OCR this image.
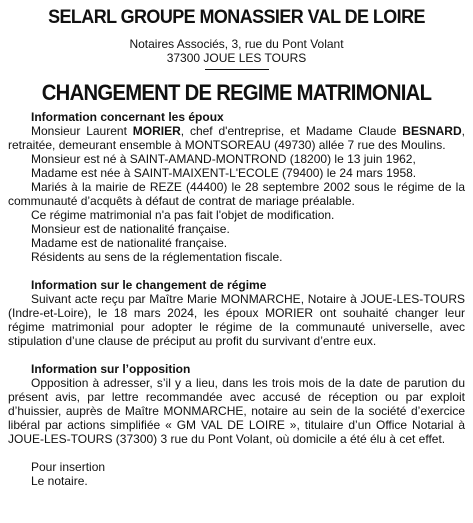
SELARL GROUPE MONASSIER VAL DE LOIRE
Notaires Associés, 3, rue du Pont Volant
37300 JOUE LES TOURS
CHANGEMENT DE REGIME MATRIMONIAL
Information concernant les époux

Monsieur Laurent MORIER, chef d'entreprise, et Madame Claude BESNARD, retraitée, demeurant ensemble à MONTSOREAU (49730) allée 7 rue des Moulins.

Monsieur est né à SAINT-AMAND-MONTROND (18200) le 13 juin 1962,
Madame est née à SAINT-MAIXENT-L'ECOLE (79400) le 24 mars 1958.

Mariés à la mairie de REZE (44400) le 28 septembre 2002 sous le régime de la communauté d’acquêts à défaut de contrat de mariage préalable.

Ce régime matrimonial n'a pas fait l'objet de modification.
Monsieur est de nationalité française.
Madame est de nationalité française.
Résidents au sens de la réglementation fiscale.
Information sur le changement de régime

Suivant acte reçu par Maître Marie MONMARCHE, Notaire à JOUE-LES-TOURS (Indre-et-Loire), le 18 mars 2024, les époux MORIER ont souhaité changer leur régime matrimonial pour adopter le régime de la communauté universelle, avec stipulation d’une clause de préciput au profit du survivant d’entre eux.

Information sur l’opposition

Opposition à adresser, s’il y a lieu, dans les trois mois de la date de parution du présent avis, par lettre recommandée avec accusé de réception ou par exploit d’huissier, auprès de Maître MONMARCHE, notaire au sein de la société d’exercice libéral par actions simplifiée « GM VAL DE LOIRE », titulaire d’un Office Notarial à JOUE-LES-TOURS (37300) 3 rue du Pont Volant, où domicile a été élu à cet effet.

Pour insertion
Le notaire.
